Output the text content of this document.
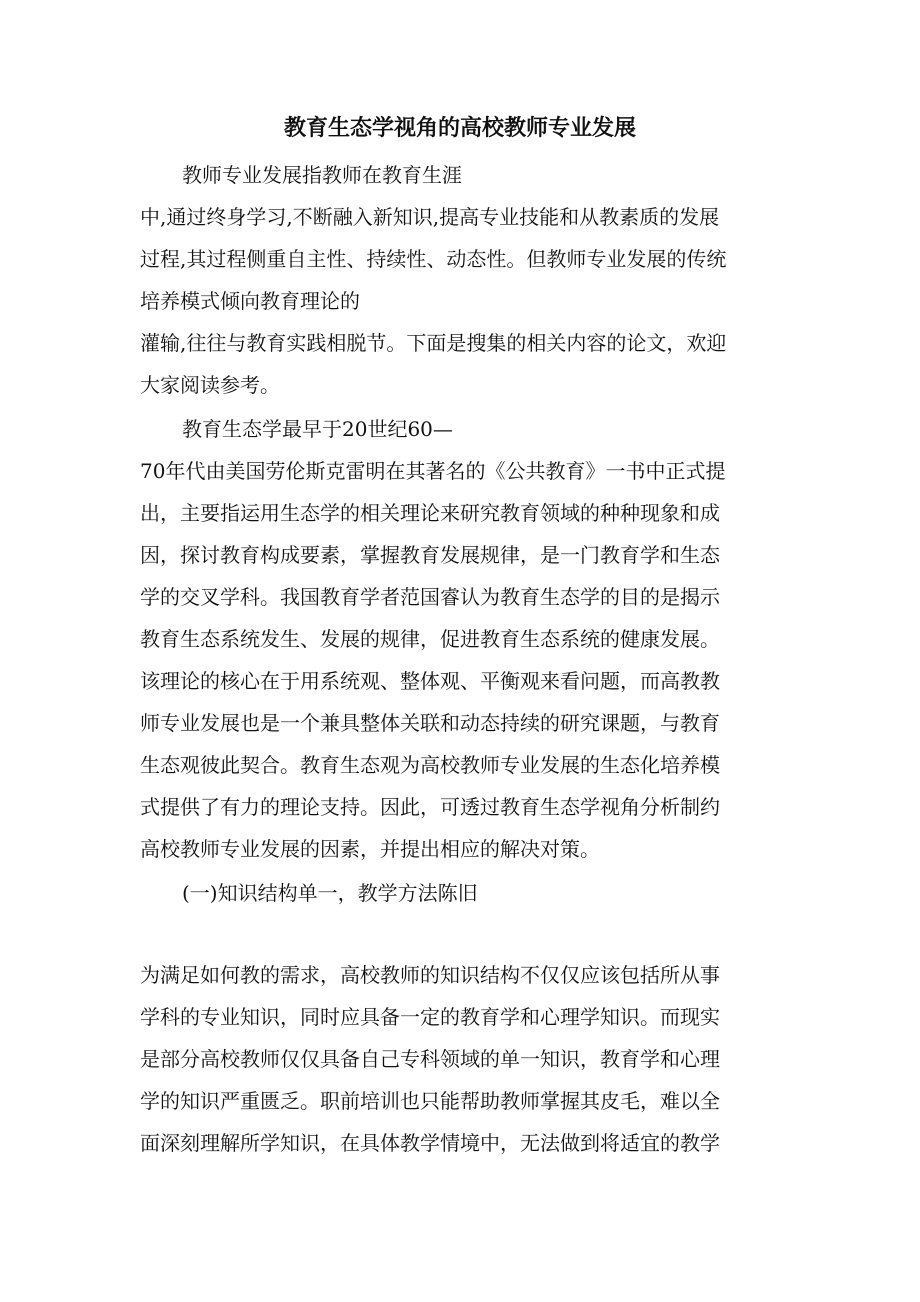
教育生态学视角的高校教师专业发展
教师专业发展指教师在教育生涯
中,通过终身学习,不断融入新知识,提高专业技能和从教素质的发展
过程,其过程侧重自主性、持续性、动态性。但教师专业发展的传统
培养模式倾向教育理论的
灌输,往往与教育实践相脱节。下面是搜集的相关内容的论文，欢迎
大家阅读参考。
教育生态学最早于20世纪60—
70年代由美国劳伦斯克雷明在其著名的《公共教育》一书中正式提
出，主要指运用生态学的相关理论来研究教育领域的种种现象和成
因，探讨教育构成要素，掌握教育发展规律，是一门教育学和生态
学的交叉学科。我国教育学者范国睿认为教育生态学的目的是揭示
教育生态系统发生、发展的规律，促进教育生态系统的健康发展。
该理论的核心在于用系统观、整体观、平衡观来看问题，而高教教
师专业发展也是一个兼具整体关联和动态持续的研究课题，与教育
生态观彼此契合。教育生态观为高校教师专业发展的生态化培养模
式提供了有力的理论支持。因此，可透过教育生态学视角分析制约
高校教师专业发展的因素，并提出相应的解决对策。
(一)知识结构单一，教学方法陈旧
为满足如何教的需求，高校教师的知识结构不仅仅应该包括所从事
学科的专业知识，同时应具备一定的教育学和心理学知识。而现实
是部分高校教师仅仅具备自己专科领域的单一知识，教育学和心理
学的知识严重匮乏。职前培训也只能帮助教师掌握其皮毛，难以全
面深刻理解所学知识，在具体教学情境中，无法做到将适宜的教学
